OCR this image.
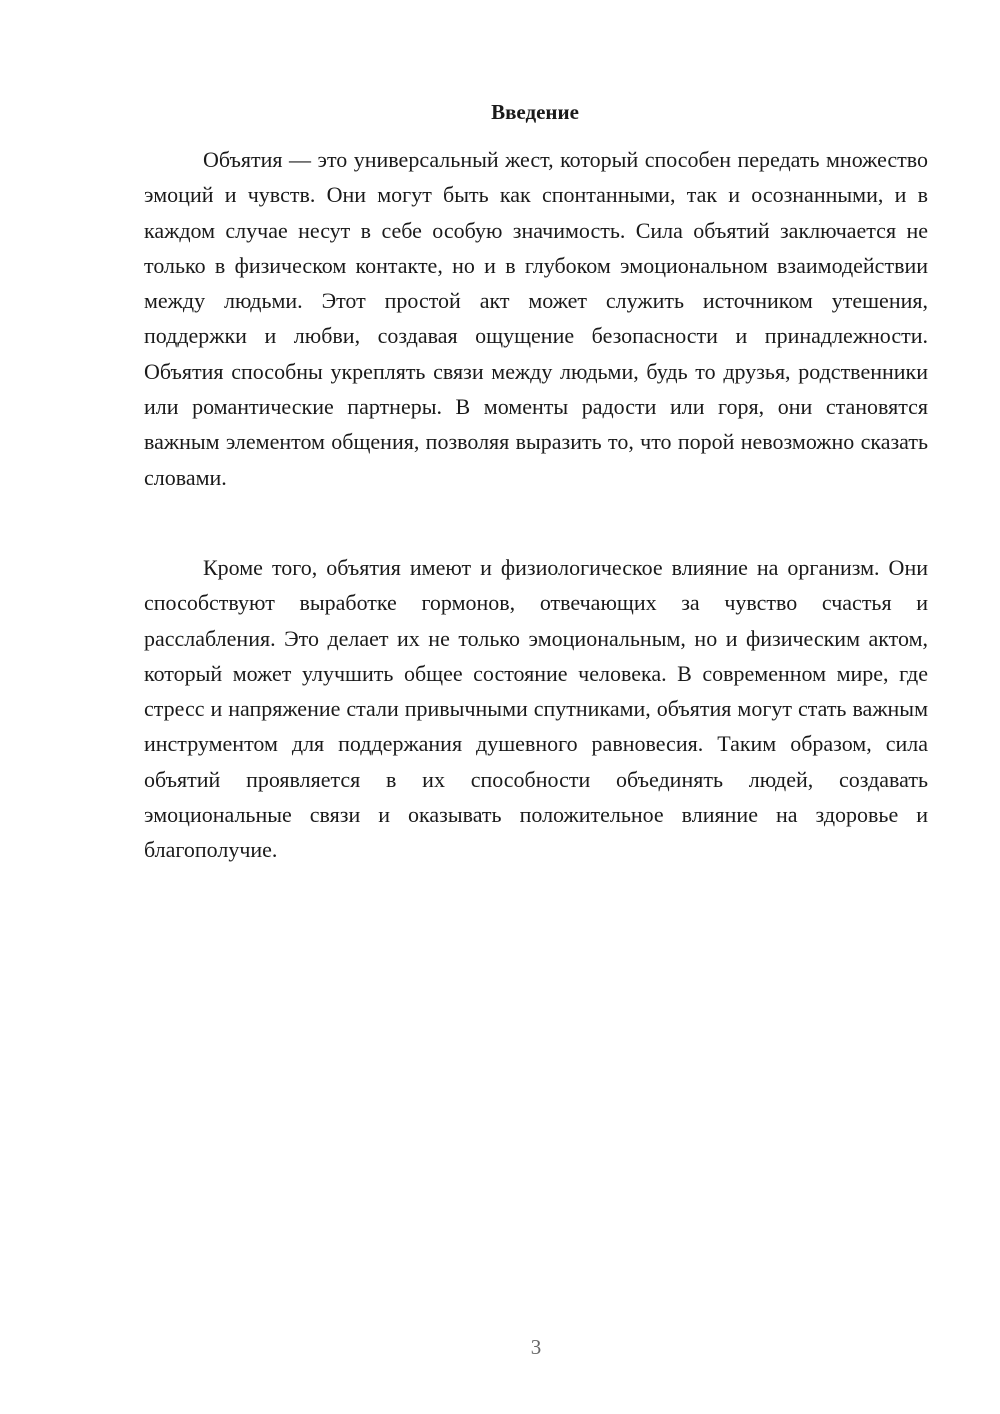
Введение

Объятия — это универсальный жест, который способен передать множество эмоций и чувств. Они могут быть как спонтанными, так и осознанными, и в каждом случае несут в себе особую значимость. Сила объятий заключается не только в физическом контакте, но и в глубоком эмоциональном взаимодействии между людьми. Этот простой акт может служить источником утешения, поддержки и любви, создавая ощущение безопасности и принадлежности. Объятия способны укреплять связи между людьми, будь то друзья, родственники или романтические партнеры. В моменты радости или горя, они становятся важным элементом общения, позволяя выразить то, что порой невозможно сказать словами.

Кроме того, объятия имеют и физиологическое влияние на организм. Они способствуют выработке гормонов, отвечающих за чувство счастья и расслабления. Это делает их не только эмоциональным, но и физическим актом, который может улучшить общее состояние человека. В современном мире, где стресс и напряжение стали привычными спутниками, объятия могут стать важным инструментом для поддержания душевного равновесия. Таким образом, сила объятий проявляется в их способности объединять людей, создавать эмоциональные связи и оказывать положительное влияние на здоровье и благополучие.

3
